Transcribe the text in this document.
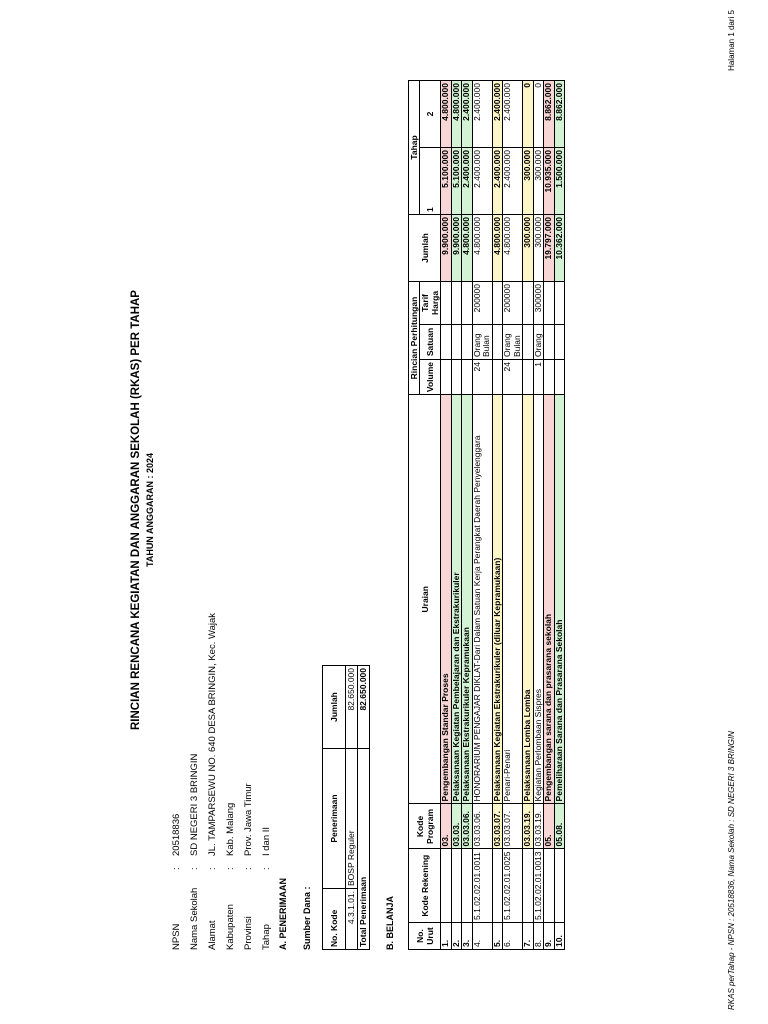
RINCIAN RENCANA KEGIATAN DAN ANGGARAN SEKOLAH (RKAS) PER TAHAP TAHUN ANGGARAN : 2024
NPSN:20518836
Nama Sekolah:SD NEGERI 3 BRINGIN
Alamat:JL. TAMPARSEWU NO. 640 DESA BRINGIN, Kec. Wajak
Kabupaten:Kab. Malang
Provinsi:Prov. Jawa Timur
Tahap:I dan II
A. PENERIMAAN Sumber Dana : No. Kode	Penerimaan	Jumlah
4.3.1.01.	BOSP Reguler	82.650.000
Total Penerimaan		82.650.000
B. BELANJA No. Urut	Kode Rekening	Kode Program	Uraian	Rincian Perhitungan			Jumlah	Tahap	
				Volume	Satuan	Tarif Harga		1	2
1.		03.	Pengembangan Standar Proses				9.900.000	5.100.000	4.800.000
2.		03.03.	Pelaksanaan Kegiatan Pembelajaran dan Ekstrakurikuler				9.900.000	5.100.000	4.800.000
3.		03.03.06.	Pelaksanaan Ekstrakurikuler Kepramukaan				4.800.000	2.400.000	2.400.000
4.	5.1.02.02.01.0011	03.03.06.	HONORARIUM PENGAJAR DIKLAT-Dari Dalam Satuan Kerja Perangkat Daerah Penyelenggara	24	Orang Bulan	200000	4.800.000	2.400.000	2.400.000
5.		03.03.07.	Pelaksanaan Kegiatan Ekstrakurikuler (diluar Kepramukaan)				4.800.000	2.400.000	2.400.000
6.	5.1.02.02.01.0025	03.03.07.	Penari-Penari	24	Orang Bulan	200000	4.800.000	2.400.000	2.400.000
7.		03.03.19.	Pelaksanaan Lomba Lomba				300.000	300.000	0
8.	5.1.02.02.01.0013	03.03.19.	Kegiatan Perlombaan Sispres	1	Orang	300000	300.000	300.000	0
9.		05.	Pengembangan sarana dan prasarana sekolah				19.797.000	10.935.000	8.862.000
10.		05.08.	Pemeliharaan Sarana dan Prasarana Sekolah				10.362.000	1.500.000	8.862.000
RKAS perTahap - NPSN : 20518836, Nama Sekolah : SD NEGERI 3 BRINGIN
Halaman 1 dari 5
